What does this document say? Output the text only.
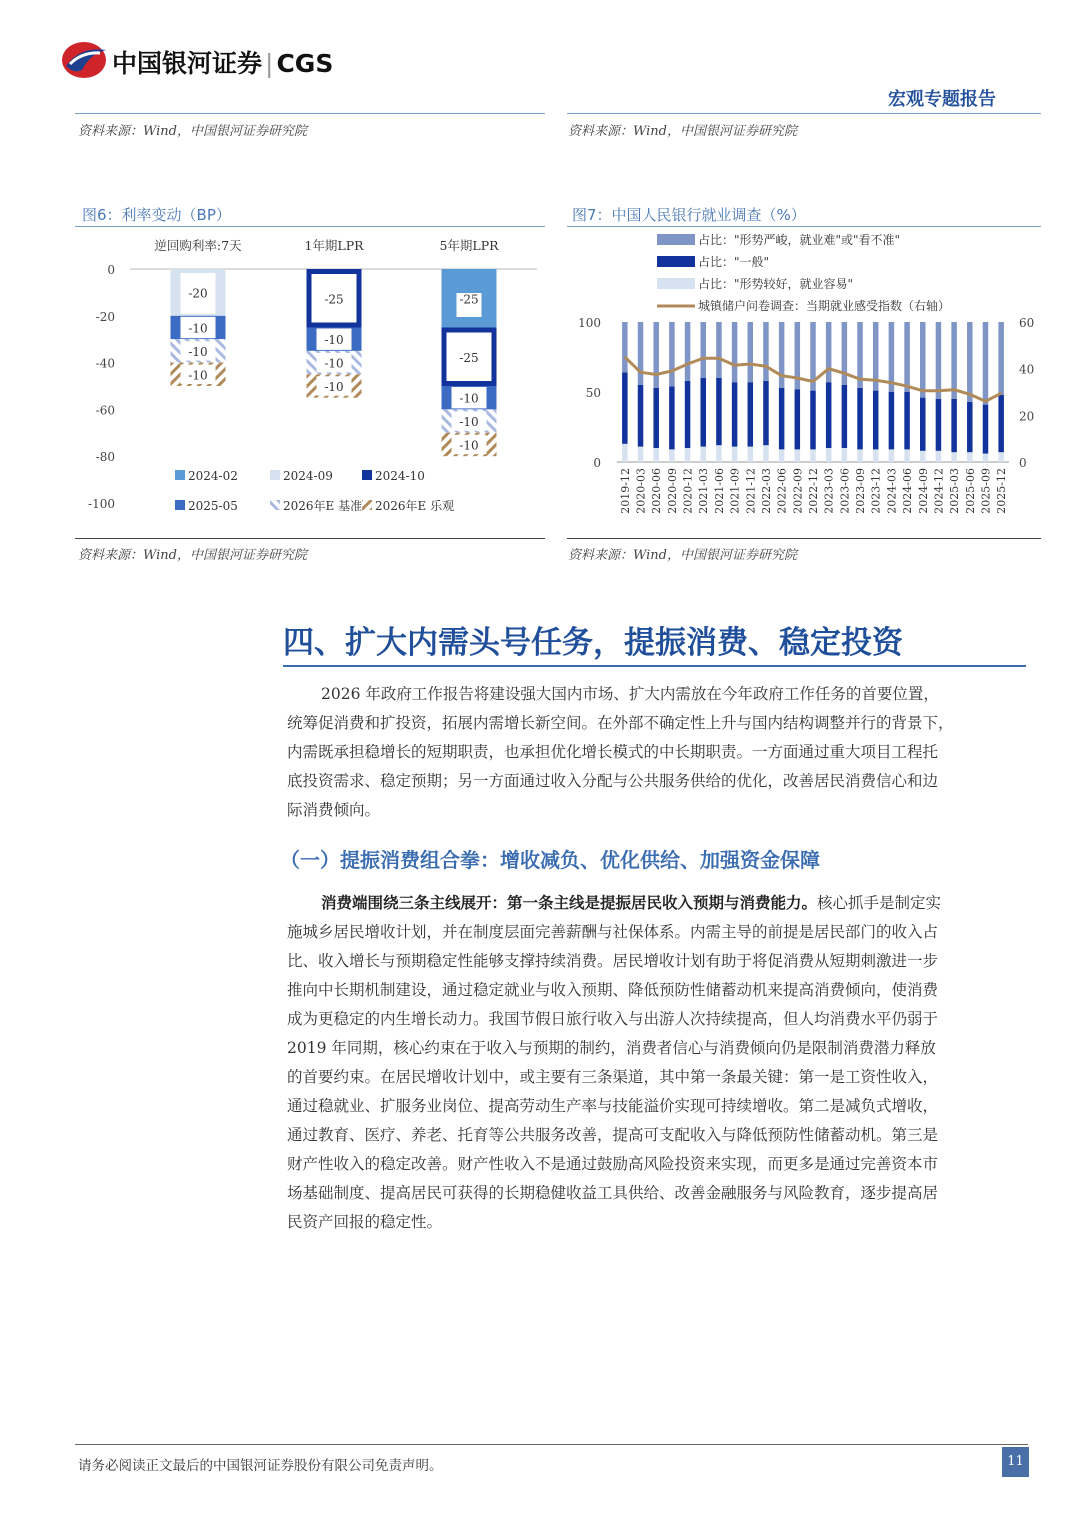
中国银河证券 | CGS
宏观专题报告
资料来源：Wind，中国银河证券研究院	资料来源：Wind，中国银河证券研究院
图6：利率变动（BP）
0
-20
-40
-60
-80
-100
逆回购利率:7天	1年期LPR	5年期LPR
-20
-10
-10
-10
-25
-10
-10
-10
-25
-25
-10
-10
-10
2024-02	2024-09	2024-10
2025-05	2026年E 基准 2026年E 乐观
资料来源：Wind，中国银河证券研究院
图7：中国人民银行就业调查（%）
占比："形势严峻，就业难"或"看不准"
占比："一般"
占比："形势较好，就业容易"
城镇储户问卷调查：当期就业感受指数（右轴）
0
50
100
0
20
40
60
2019-12 2020-03 2020-06 2020-09 2020-12 2021-03 2021-06 2021-09 2021-12 2022-03 2022-06 2022-09 2022-12 2023-03 2023-06 2023-09 2023-12 2024-03 2024-06 2024-09 2024-12 2025-03 2025-06 2025-09 2025-12
资料来源：Wind，中国银河证券研究院
四、扩大内需头号任务，提振消费、稳定投资
2026 年政府工作报告将建设强大国内市场、扩大内需放在今年政府工作任务的首要位置，
统筹促消费和扩投资，拓展内需增长新空间。在外部不确定性上升与国内结构调整并行的背景下，
内需既承担稳增长的短期职责，也承担优化增长模式的中长期职责。一方面通过重大项目工程托
底投资需求、稳定预期；另一方面通过收入分配与公共服务供给的优化，改善居民消费信心和边
际消费倾向。
（一）提振消费组合拳：增收减负、优化供给、加强资金保障
消费端围绕三条主线展开：第一条主线是提振居民收入预期与消费能力。核心抓手是制定实
施城乡居民增收计划，并在制度层面完善薪酬与社保体系。内需主导的前提是居民部门的收入占
比、收入增长与预期稳定性能够支撑持续消费。居民增收计划有助于将促消费从短期刺激进一步
推向中长期机制建设，通过稳定就业与收入预期、降低预防性储蓄动机来提高消费倾向，使消费
成为更稳定的内生增长动力。我国节假日旅行收入与出游人次持续提高，但人均消费水平仍弱于
2019 年同期，核心约束在于收入与预期的制约，消费者信心与消费倾向仍是限制消费潜力释放
的首要约束。在居民增收计划中，或主要有三条渠道，其中第一条最关键：第一是工资性收入，
通过稳就业、扩服务业岗位、提高劳动生产率与技能溢价实现可持续增收。第二是减负式增收，
通过教育、医疗、养老、托育等公共服务改善，提高可支配收入与降低预防性储蓄动机。第三是
财产性收入的稳定改善。财产性收入不是通过鼓励高风险投资来实现，而更多是通过完善资本市
场基础制度、提高居民可获得的长期稳健收益工具供给、改善金融服务与风险教育，逐步提高居
民资产回报的稳定性。
请务必阅读正文最后的中国银河证券股份有限公司免责声明。	11
